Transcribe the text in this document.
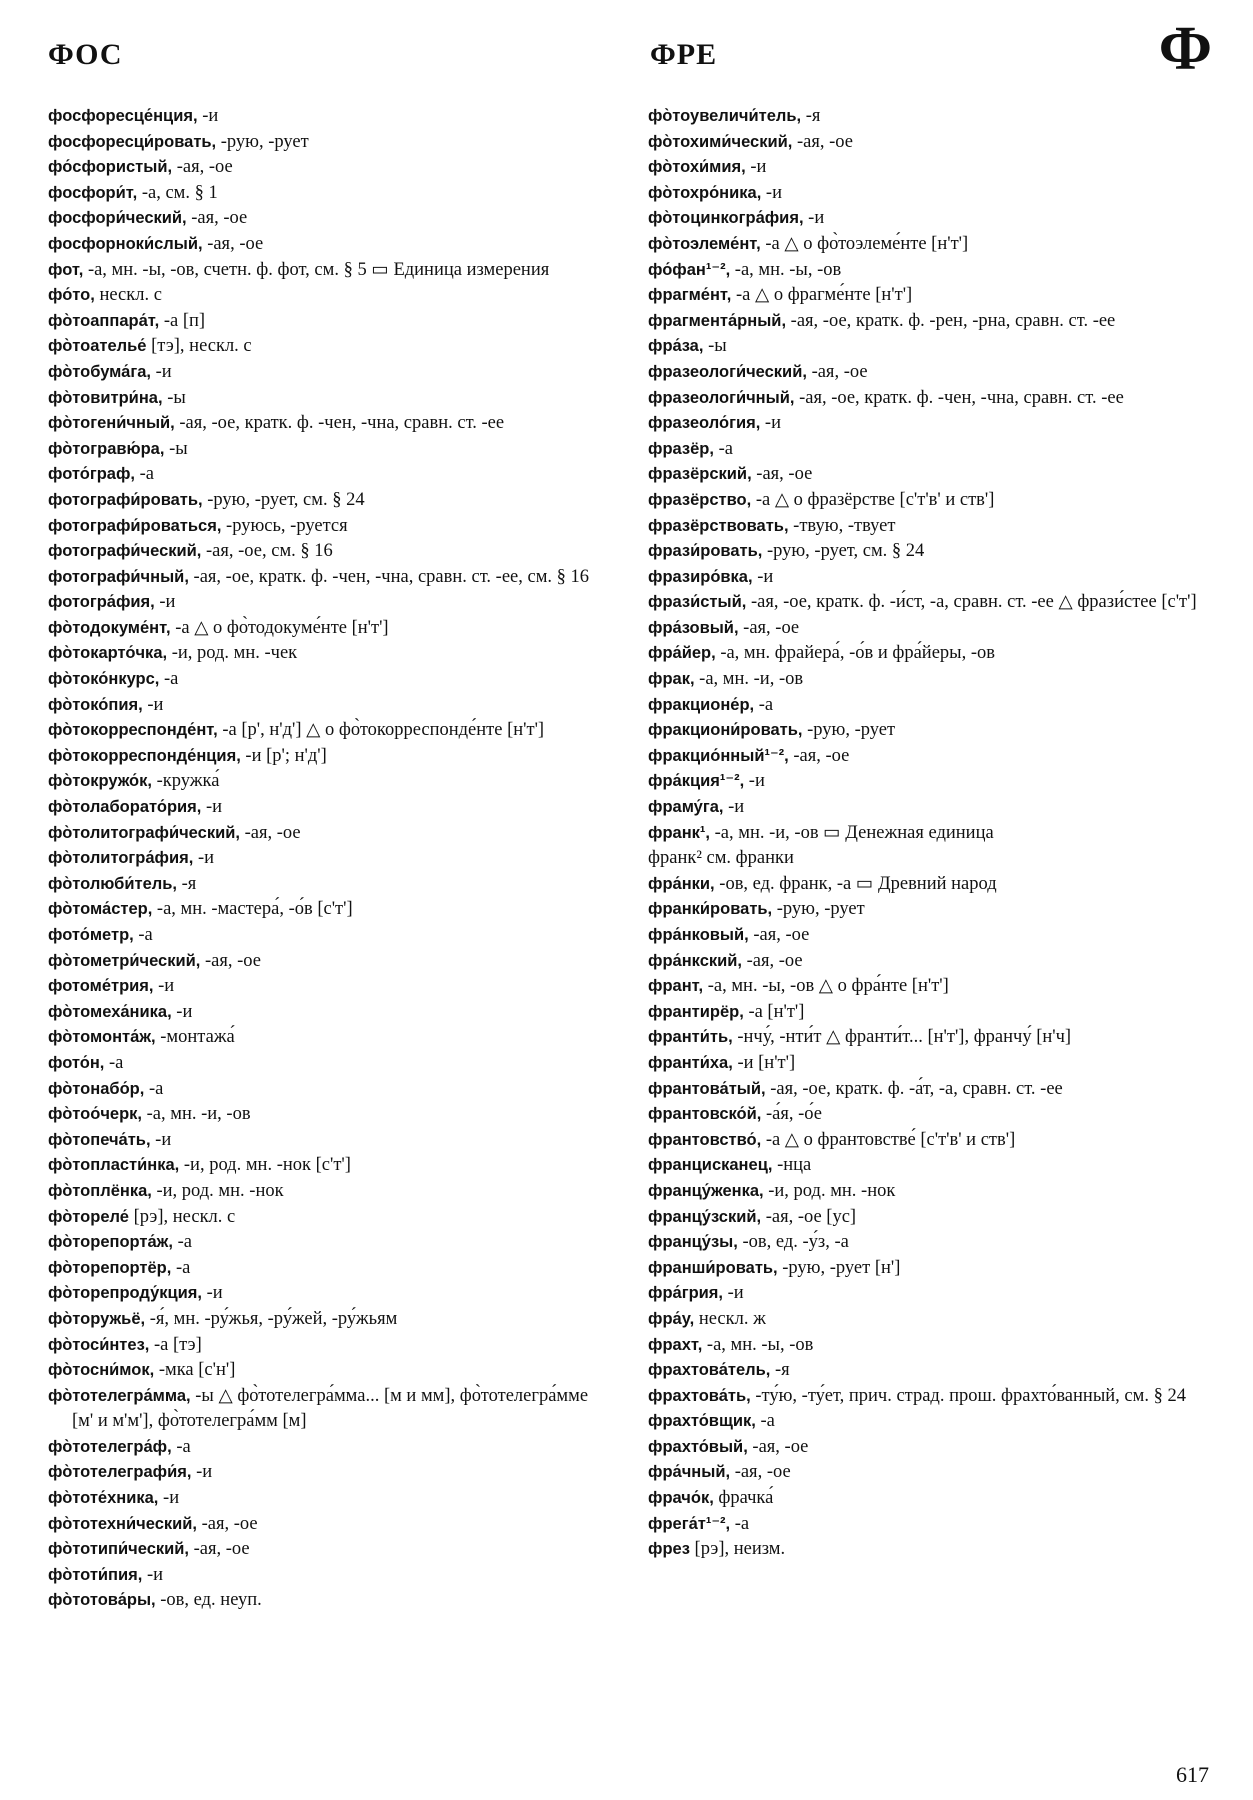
ФОС	ФРЕ	Ф
фосфоресце́нция, -и
фосфоресци́ровать, -рую, -рует
фо́сфористый, -ая, -ое
фосфори́т, -а, см. § 1
фосфори́ческий, -ая, -ое
фосфорноки́слый, -ая, -ое
фот, -а, мн. -ы, -ов, счетн. ф. фот, см. § 5 ▭ Единица измерения
фо́то, нескл. с
фо̀тоаппара́т, -а [п]
фо̀тоателье́ [тэ], нескл. с
фо̀тобума́га, -и
фо̀товитри́на, -ы
фо̀тогени́чный, -ая, -ое, кратк. ф. -чен, -чна, сравн. ст. -ее
фо̀тогравю́ра, -ы
фото́граф, -а
фотографи́ровать, -рую, -рует, см. § 24
фотографи́роваться, -руюсь, -руется
фотографи́ческий, -ая, -ое, см. § 16
фотографи́чный, -ая, -ое, кратк. ф. -чен, -чна, сравн. ст. -ее, см. § 16
фотогра́фия, -и
фо̀тодокуме́нт, -а △ о фо̀тодокуме́нте [н'т']
фо̀токарто́чка, -и, род. мн. -чек
фо̀токо́нкурс, -а
фо̀токо́пия, -и
фо̀токорреспонде́нт, -а [р', н'д'] △ о фо̀токорреспонде́нте [н'т']
фо̀токорреспонде́нция, -и [р'; н'д']
фо̀токружо́к, -кружка́
фо̀толаборато́рия, -и
фо̀толитографи́ческий, -ая, -ое
фо̀толитогра́фия, -и
фо̀толюби́тель, -я
фо̀тома́стер, -а, мн. -мастера́, -о́в [с'т']
фото́метр, -а
фо̀тометри́ческий, -ая, -ое
фотоме́трия, -и
фо̀томеха́ника, -и
фо̀томонта́ж, -монтажа́
фото́н, -а
фо̀тонабо́р, -а
фо̀тоо́черк, -а, мн. -и, -ов
фо̀топеча́ть, -и
фо̀топласти́нка, -и, род. мн. -нок [с'т']
фо̀топлёнка, -и, род. мн. -нок
фо̀тореле́ [рэ], нескл. с
фо̀торепорта́ж, -а
фо̀торепортёр, -а
фо̀торепроду́кция, -и
фо̀торужьё, -я́, мн. -ру́жья, -ру́жей, -ру́жьям
фо̀тоси́нтез, -а [тэ]
фо̀тосни́мок, -мка [с'н']
фо̀тотелегра́мма, -ы △ фо̀тотелегра́мма... [м и мм], фо̀тотелегра́мме [м' и м'м'], фо̀тотелегра́мм [м]
фо̀тотелегра́ф, -а
фо̀тотелеграфи́я, -и
фо̀тоте́хника, -и
фо̀тотехни́ческий, -ая, -ое
фо̀тотипи́ческий, -ая, -ое
фо̀тоти́пия, -и
фо̀тотова́ры, -ов, ед. неуп.
фо̀тоувеличи́тель, -я
фо̀тохими́ческий, -ая, -ое
фо̀тохи́мия, -и
фо̀тохро́ника, -и
фо̀тоцинкогра́фия, -и
фо̀тоэлеме́нт, -а △ о фо̀тоэлеме́нте [н'т']
фо́фан¹⁻², -а, мн. -ы, -ов
фрагме́нт, -а △ о фрагме́нте [н'т']
фрагмента́рный, -ая, -ое, кратк. ф. -рен, -рна, сравн. ст. -ее
фра́за, -ы
фразеологи́ческий, -ая, -ое
фразеологи́чный, -ая, -ое, кратк. ф. -чен, -чна, сравн. ст. -ее
фразеоло́гия, -и
фразёр, -а
фразёрский, -ая, -ое
фразёрство, -а △ о фразёрстве [с'т'в' и ств']
фразёрствовать, -твую, -твует
фрази́ровать, -рую, -рует, см. § 24
фразиро́вка, -и
фрази́стый, -ая, -ое, кратк. ф. -и́ст, -а, сравн. ст. -ее △ фрази́стее [с'т']
фра́зовый, -ая, -ое
фра́йер, -а, мн. фрайера́, -о́в и фра́йеры, -ов
фрак, -а, мн. -и, -ов
фракционе́р, -а
фракциони́ровать, -рую, -рует
фракцио́нный¹⁻², -ая, -ое
фра́кция¹⁻², -и
фраму́га, -и
франк¹, -а, мн. -и, -ов ▭ Денежная единица
франк² см. франки
фра́нки, -ов, ед. франк, -а ▭ Древний народ
франки́ровать, -рую, -рует
фра́нковый, -ая, -ое
фра́нкский, -ая, -ое
франт, -а, мн. -ы, -ов △ о фра́нте [н'т']
франтирёр, -а [н'т']
франти́ть, -нчу́, -нти́т △ франти́т... [н'т'], франчу́ [н'ч]
франти́ха, -и [н'т']
франтова́тый, -ая, -ое, кратк. ф. -а́т, -а, сравн. ст. -ее
франтовско́й, -а́я, -о́е
франтовство́, -а △ о франтовстве́ [с'т'в' и ств']
францисканец, -нца
францу́женка, -и, род. мн. -нок
францу́зский, -ая, -ое [ус]
францу́зы, -ов, ед. -у́з, -а
франши́ровать, -рую, -рует [н']
фра́грия, -и
фра́у, нескл. ж
фрахт, -а, мн. -ы, -ов
фрахтова́тель, -я
фрахтова́ть, -ту́ю, -ту́ет, прич. страд. прош. фрахто́ванный, см. § 24
фрахто́вщик, -а
фрахто́вый, -ая, -ое
фра́чный, -ая, -ое
фрачо́к, фрачка́
фрега́т¹⁻², -а
фрез [рэ], неизм.
617
